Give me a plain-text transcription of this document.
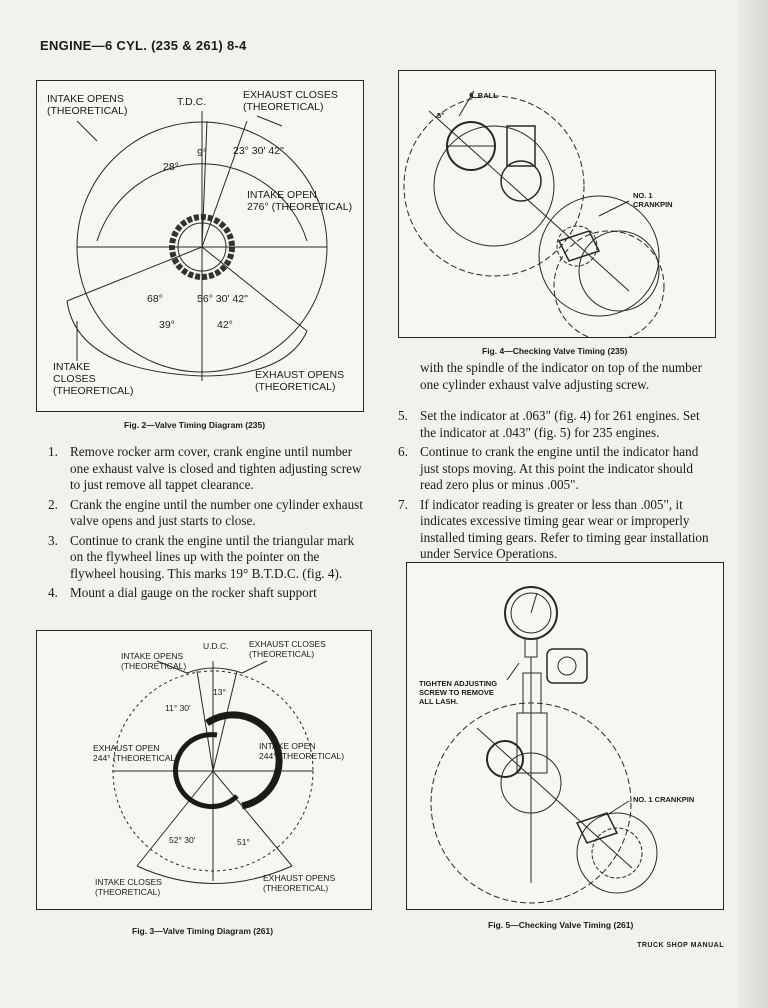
ENGINE—6 CYL. (235 & 261) 8-4
INTAKE OPENS
(THEORETICAL)
T.D.C.
EXHAUST CLOSES
(THEORETICAL)
9° 23° 30' 42"
28°
INTAKE OPEN
276° (THEORETICAL)
68°	56° 30' 42"
39°	42°
INTAKE
CLOSES
(THEORETICAL)
EXHAUST OPENS
(THEORETICAL)
Fig. 2—Valve Timing Diagram (235)
℄ BALL
5°
NO. 1
CRANKPIN
Fig. 4—Checking Valve Timing (235)

with the spindle of the indicator on top of the number one cylinder exhaust valve adjusting screw.

5. Set the indicator at .063" (fig. 4) for 261 engines. Set the indicator at .043" (fig. 5) for 235 engines.
6. Continue to crank the engine until the indicator hand just stops moving. At this point the indicator should read zero plus or minus .005".
7. If indicator reading is greater or less than .005", it indicates excessive timing gear wear or improperly installed timing gears. Refer to timing gear installation under Service Operations.
1. Remove rocker arm cover, crank engine until number one exhaust valve is closed and tighten adjusting screw to just remove all tappet clearance.
2. Crank the engine until the number one cylinder exhaust valve opens and just starts to close.
3. Continue to crank the engine until the triangular mark on the flywheel lines up with the pointer on the flywheel housing. This marks 19° B.T.D.C. (fig. 4).
4. Mount a dial gauge on the rocker shaft support
U.D.C.
INTAKE OPENS
(THEORETICAL)
EXHAUST CLOSES
(THEORETICAL)
13°
11° 30'
EXHAUST OPEN
244° (THEORETICAL)
INTAKE OPEN
244° (THEORETICAL)
52° 30'	51°
INTAKE CLOSES
(THEORETICAL)
EXHAUST OPENS
(THEORETICAL)
Fig. 3—Valve Timing Diagram (261)
TIGHTEN ADJUSTING
SCREW TO REMOVE
ALL LASH.
NO. 1 CRANKPIN
Fig. 5—Checking Valve Timing (261)
TRUCK SHOP MANUAL
